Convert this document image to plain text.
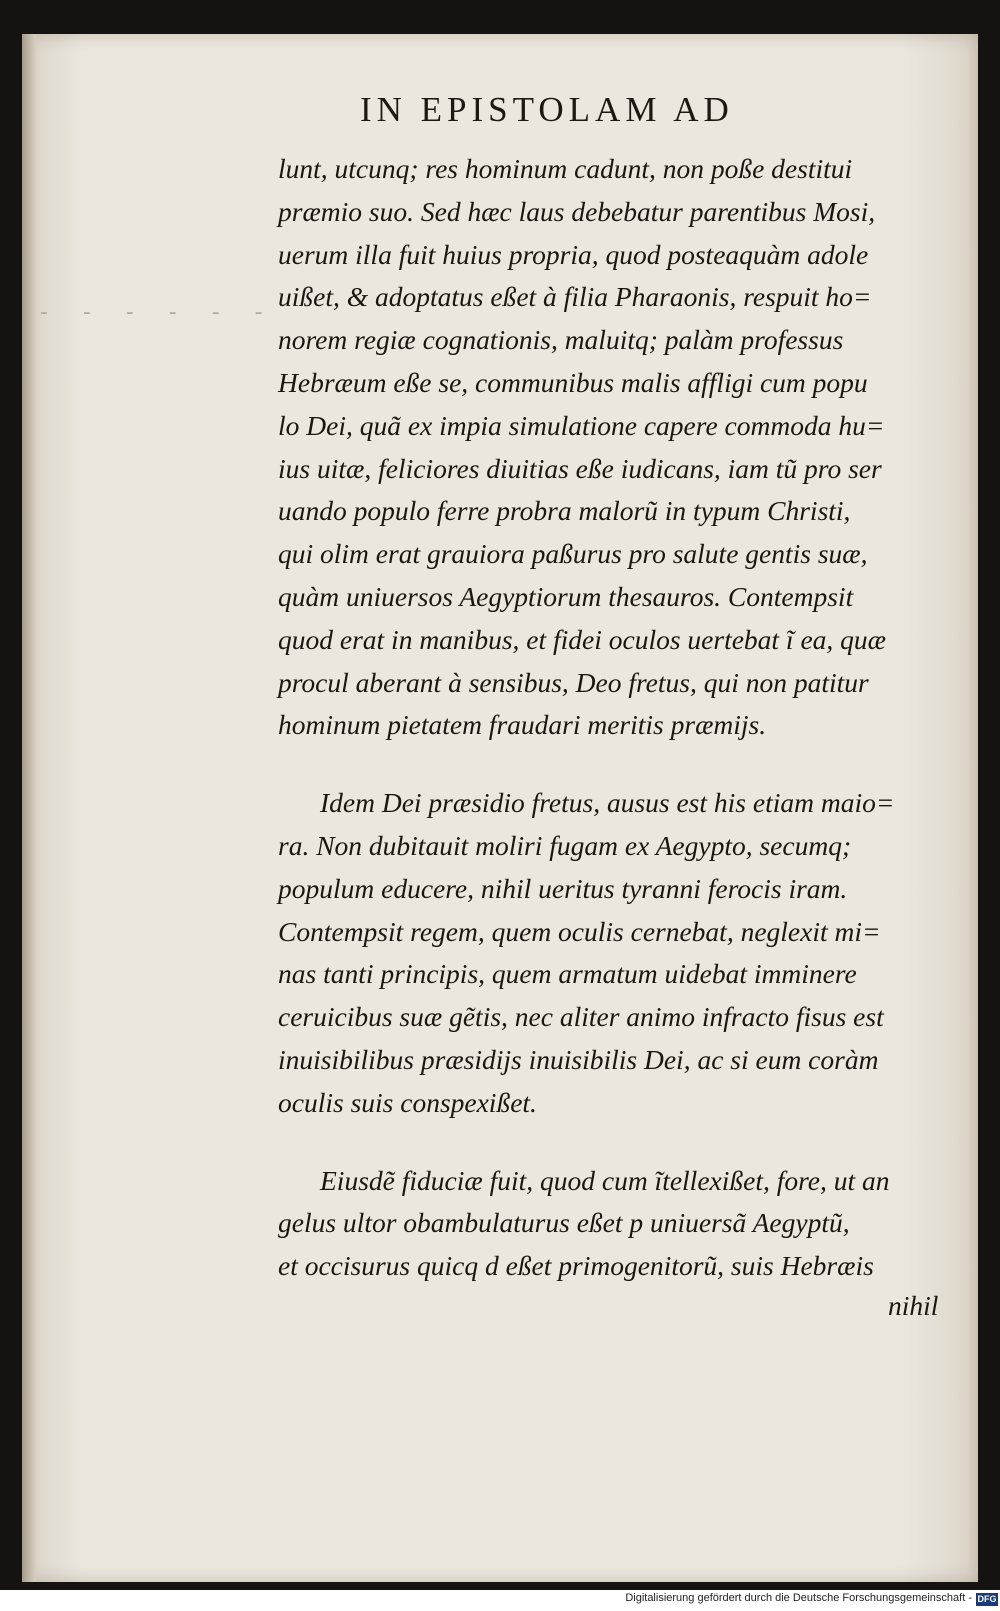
- - - - - -
IN EPISTOLAM AD
lunt, utcunq; res hominum cadunt, non poße destitui
præmio suo. Sed hæc laus debebatur parentibus Mosi,
uerum illa fuit huius propria, quod posteaquàm adole
uißet, & adoptatus eßet à filia Pharaonis, respuit ho=
norem regiæ cognationis, maluitq; palàm professus
Hebræum eße se, communibus malis affligi cum popu
lo Dei, quã ex impia simulatione capere commoda hu=
ius uitæ, feliciores diuitias eße iudicans, iam tũ pro ser
uando populo ferre probra malorũ in typum Christi,
qui olim erat grauiora paßurus pro salute gentis suæ,
quàm uniuersos Aegyptiorum thesauros. Contempsit
quod erat in manibus, et fidei oculos uertebat ĩ ea, quæ
procul aberant à sensibus, Deo fretus, qui non patitur
hominum pietatem fraudari meritis præmijs.
Idem Dei præsidio fretus, ausus est his etiam maio=
ra. Non dubitauit moliri fugam ex Aegypto, secumq;
populum educere, nihil ueritus tyranni ferocis iram.
Contempsit regem, quem oculis cernebat, neglexit mi=
nas tanti principis, quem armatum uidebat imminere
ceruicibus suæ gẽtis, nec aliter animo infracto fisus est
inuisibilibus præsidijs inuisibilis Dei, ac si eum coràm
oculis suis conspexißet.
Eiusdẽ fiduciæ fuit, quod cum ĩtellexißet, fore, ut an
gelus ultor obambulaturus eßet p uniuersã Aegyptũ,
et occisurus quicq d eßet primogenitorũ, suis Hebræis
nihil
Digitalisierung gefördert durch die Deutsche Forschungsgemeinschaft - DFG
